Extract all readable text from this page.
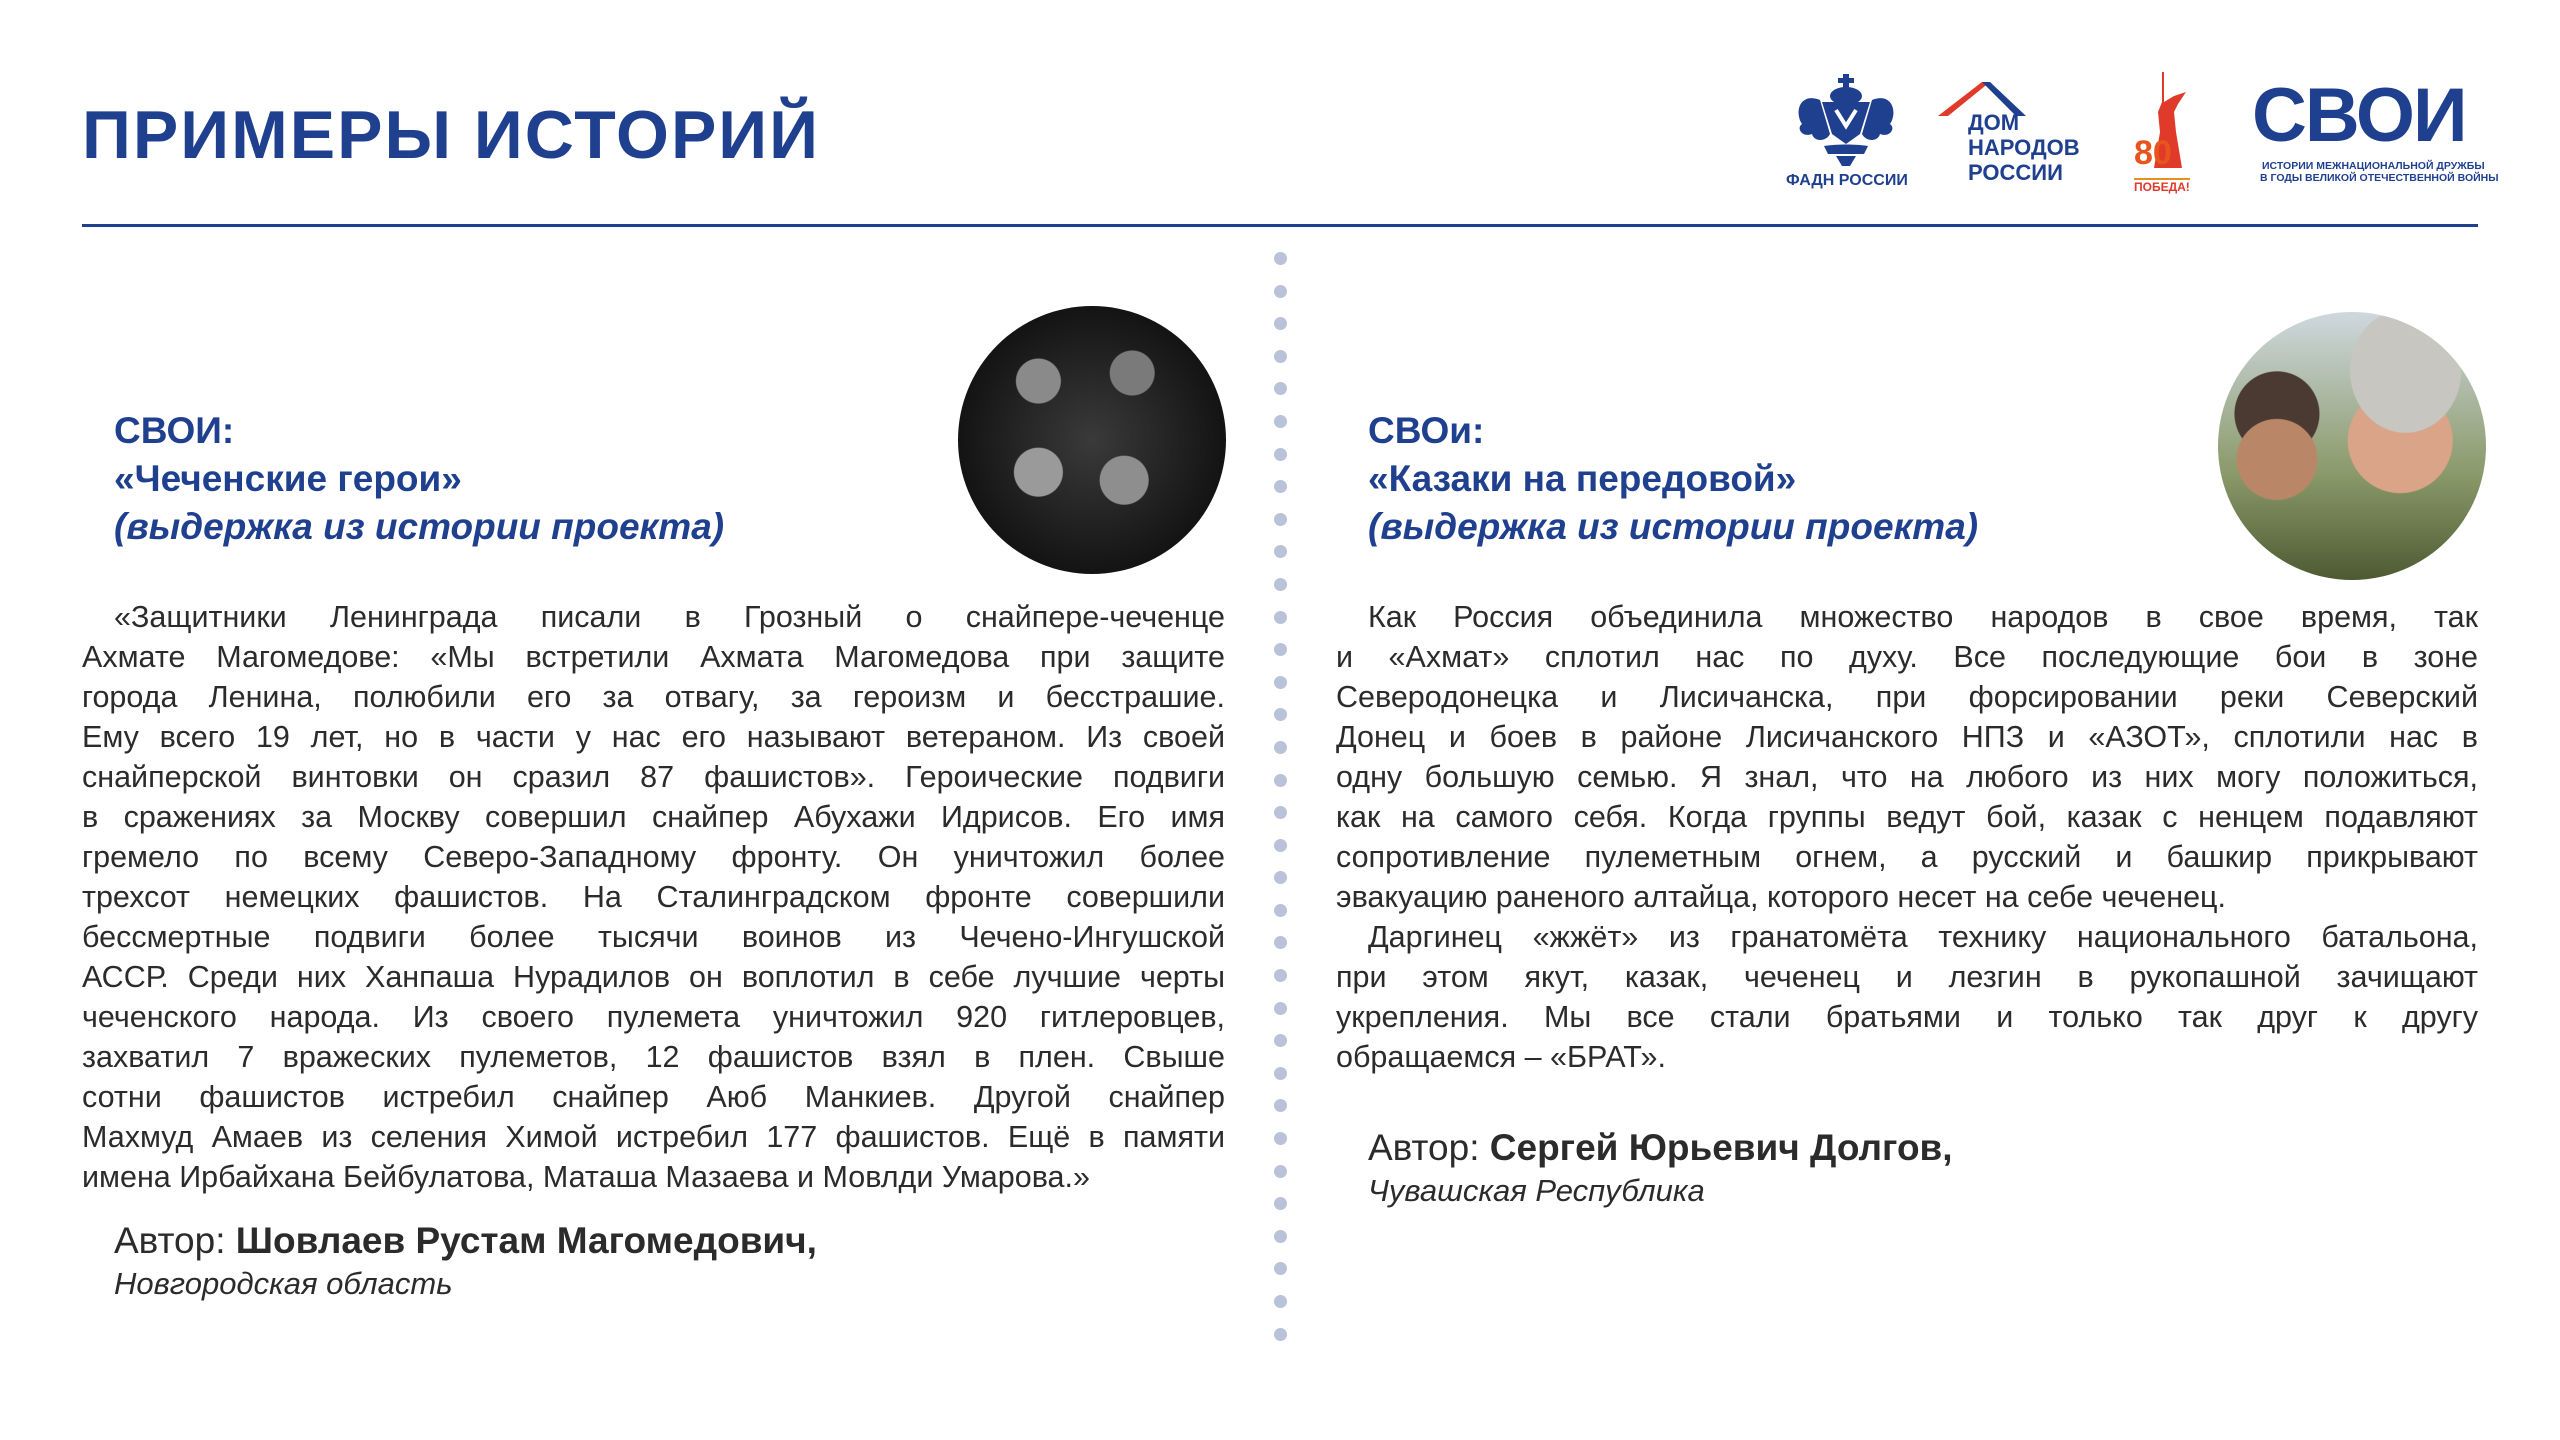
ПРИМЕРЫ ИСТОРИЙ
ФАДН РОССИИ
ДОМ
НАРОДОВ
РОССИИ
80
ПОБЕДА!
СВОИ
ИСТОРИИ МЕЖНАЦИОНАЛЬНОЙ ДРУЖБЫ
В ГОДЫ ВЕЛИКОЙ ОТЕЧЕСТВЕННОЙ ВОЙНЫ
СВОИ:
«Чеченские герои»
(выдержка из истории проекта)
«Защитники Ленинграда писали в Грозный о снайпере-чеченце
Ахмате Магомедове: «Мы встретили Ахмата Магомедова при защите
города Ленина, полюбили его за отвагу, за героизм и бесстрашие.
Ему всего 19 лет, но в части у нас его называют ветераном. Из своей
снайперской винтовки он сразил 87 фашистов». Героические подвиги
в сражениях за Москву совершил снайпер Абухажи Идрисов. Его имя
гремело по всему Северо-Западному фронту. Он уничтожил более
трехсот немецких фашистов. На Сталинградском фронте совершили
бессмертные подвиги более тысячи воинов из Чечено-Ингушской
АССР. Среди них Ханпаша Нурадилов он воплотил в себе лучшие черты
чеченского народа. Из своего пулемета уничтожил 920 гитлеровцев,
захватил 7 вражеских пулеметов, 12 фашистов взял в плен. Свыше
сотни фашистов истребил снайпер Аюб Манкиев. Другой снайпер
Махмуд Амаев из селения Химой истребил 177 фашистов. Ещё в памяти
имена Ирбайхана Бейбулатова, Маташа Мазаева и Мовлди Умарова.»
Автор: Шовлаев Рустам Магомедович,
Новгородская область
СВОи:
«Казаки на передовой»
(выдержка из истории проекта)
Как Россия объединила множество народов в свое время, так
и «Ахмат» сплотил нас по духу. Все последующие бои в зоне
Северодонецка и Лисичанска, при форсировании реки Северский
Донец и боев в районе Лисичанского НПЗ и «АЗОТ», сплотили нас в
одну большую семью. Я знал, что на любого из них могу положиться,
как на самого себя. Когда группы ведут бой, казак с ненцем подавляют
сопротивление пулеметным огнем, а русский и башкир прикрывают
эвакуацию раненого алтайца, которого несет на себе чеченец.
Даргинец «жжёт» из гранатомёта технику национального батальона,
при этом якут, казак, чеченец и лезгин в рукопашной зачищают
укрепления. Мы все стали братьями и только так друг к другу
обращаемся – «БРАТ».
Автор: Сергей Юрьевич Долгов,
Чувашская Республика
